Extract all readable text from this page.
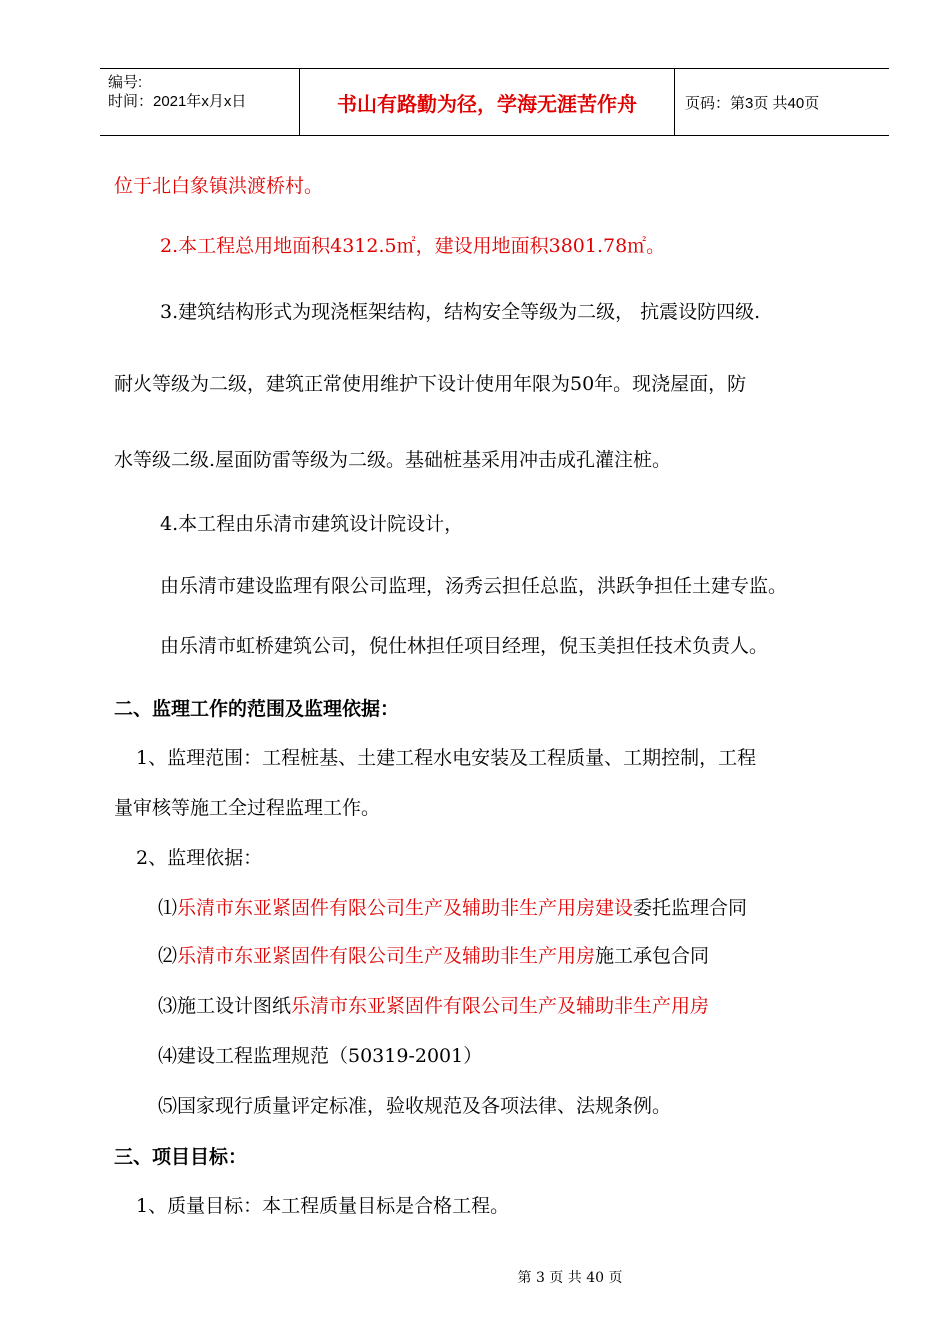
编号:
时间：2021年x月x日	书山有路勤为径，学海无涯苦作舟	页码：第3页 共40页
位于北白象镇洪渡桥村。
2.本工程总用地面积4312.5㎡，建设用地面积3801.78㎡。
3.建筑结构形式为现浇框架结构，结构安全等级为二级， 抗震设防四级.
耐火等级为二级，建筑正常使用维护下设计使用年限为50年。现浇屋面，防
水等级二级.屋面防雷等级为二级。基础桩基采用冲击成孔灌注桩。
4.本工程由乐清市建筑设计院设计，
由乐清市建设监理有限公司监理，汤秀云担任总监，洪跃争担任土建专监。
由乐清市虹桥建筑公司，倪仕林担任项目经理，倪玉美担任技术负责人。
二、监理工作的范围及监理依据：
1、监理范围：工程桩基、土建工程水电安装及工程质量、工期控制，工程
量审核等施工全过程监理工作。
2、监理依据：
⑴乐清市东亚紧固件有限公司生产及辅助非生产用房建设委托监理合同
⑵乐清市东亚紧固件有限公司生产及辅助非生产用房施工承包合同
⑶施工设计图纸乐清市东亚紧固件有限公司生产及辅助非生产用房
⑷建设工程监理规范（50319-2001）
⑸国家现行质量评定标准，验收规范及各项法律、法规条例。
三、项目目标：
1、质量目标：本工程质量目标是合格工程。
第 3 页 共 40 页
